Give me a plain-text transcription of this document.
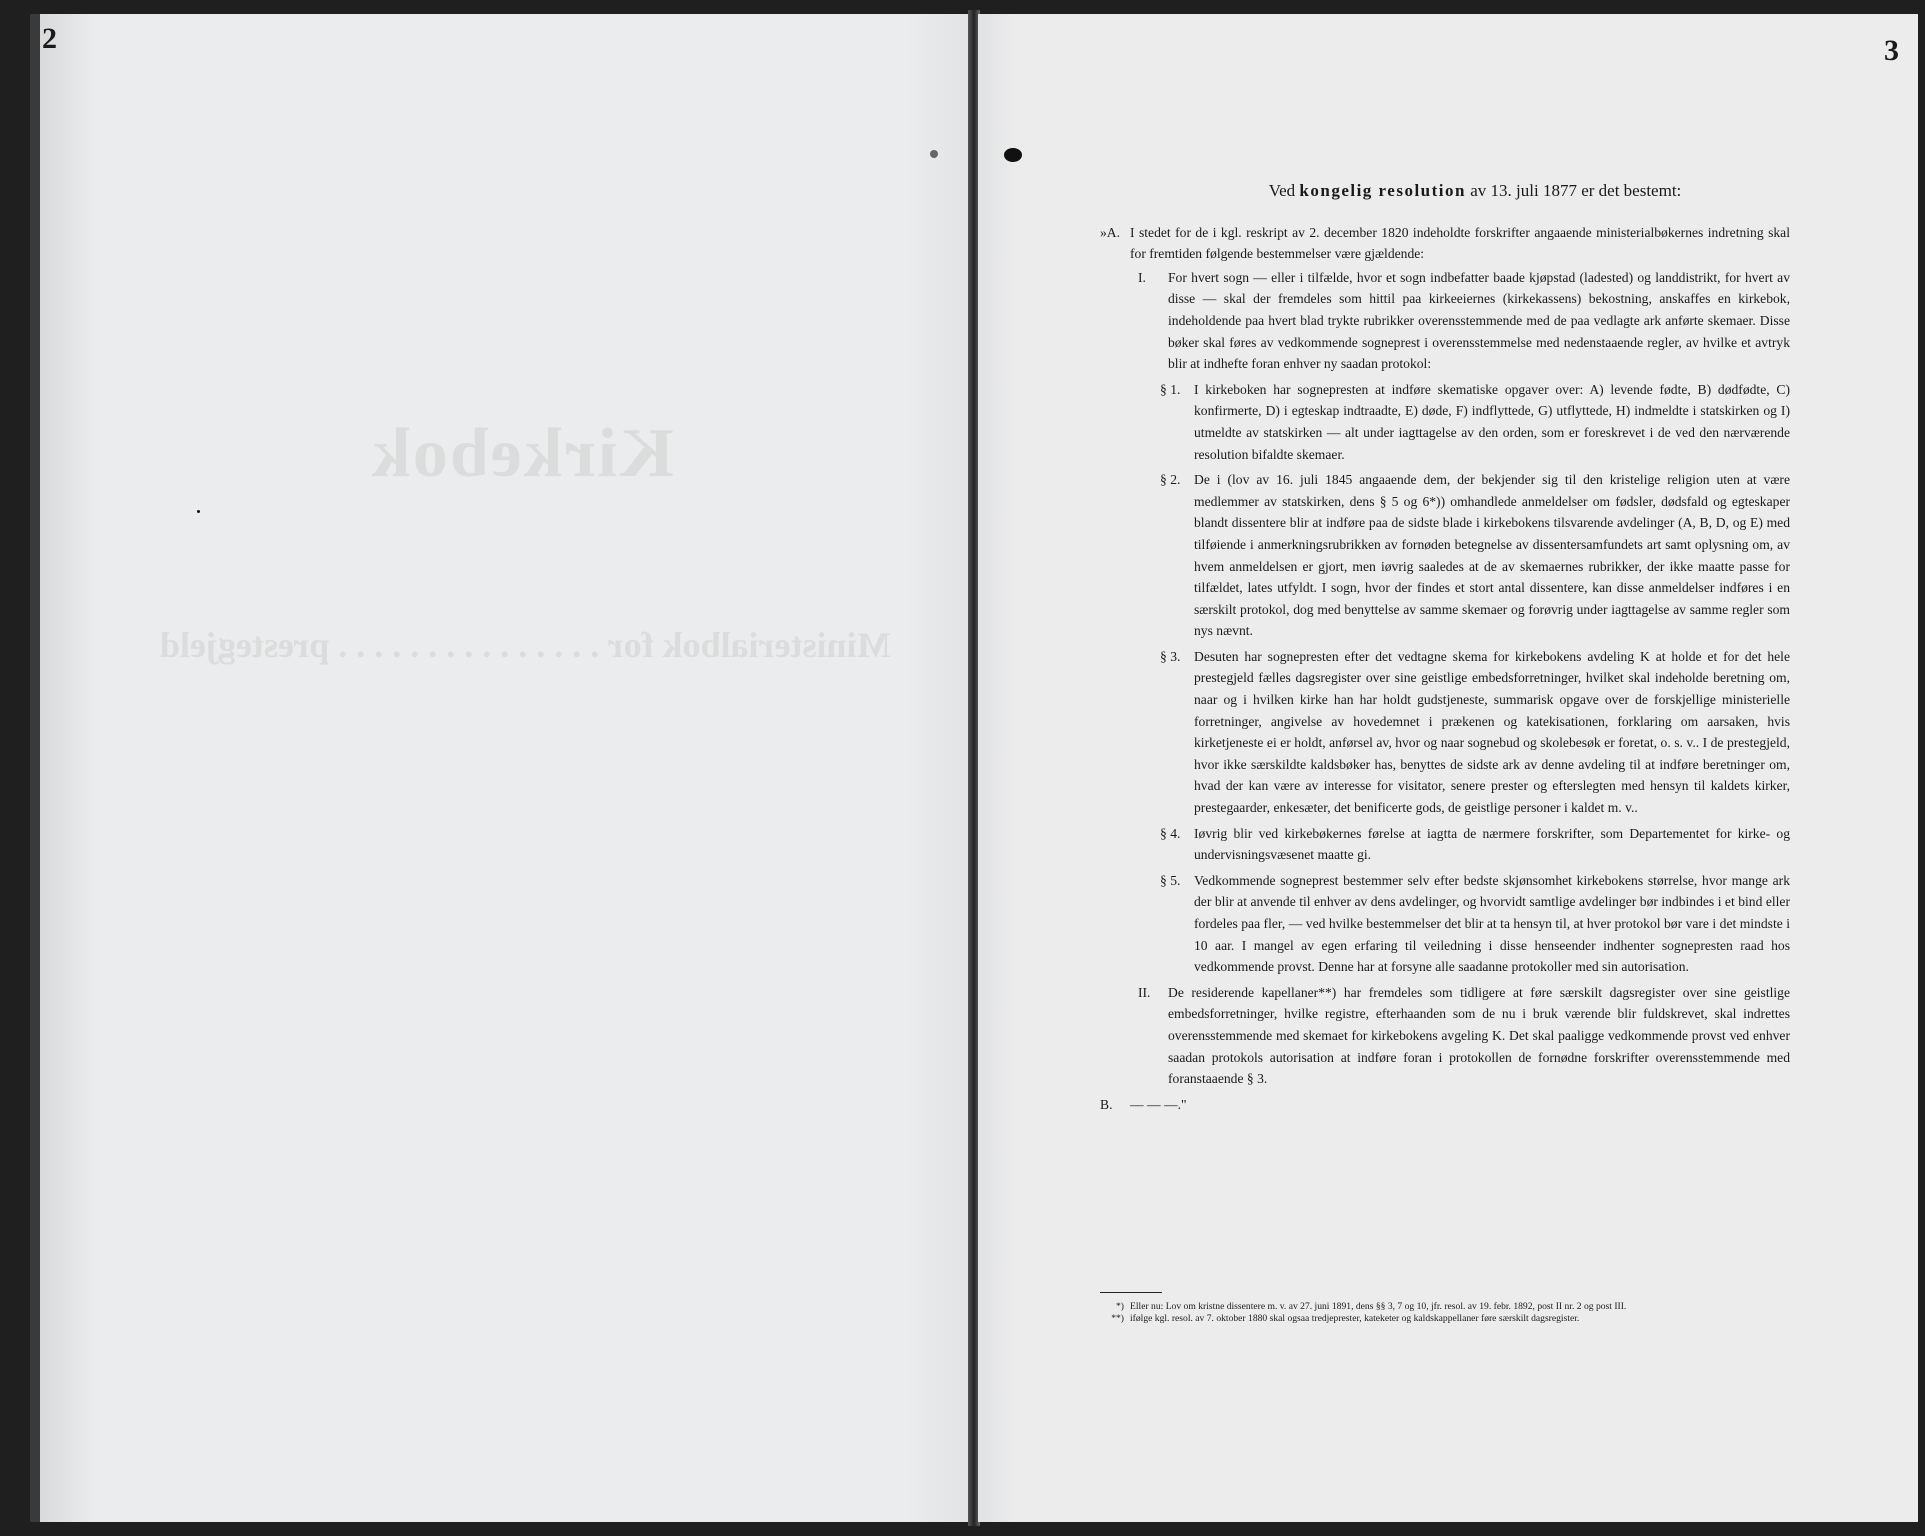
Kirkebok
Ministerialbok for . . . . . . . . . . . . . . . prestegjeld
2	3
Ved kongelig resolution av 13. juli 1877 er det bestemt:
»A. I stedet for de i kgl. reskript av 2. december 1820 indeholdte forskrifter angaaende ministerialbøkernes indretning skal for fremtiden følgende bestemmelser være gjældende:
I.	For hvert sogn — eller i tilfælde, hvor et sogn indbefatter baade kjøpstad (ladested) og landdistrikt, for hvert av disse — skal der fremdeles som hittil paa kirkeeiernes (kirkekassens) bekostning, anskaffes en kirkebok, indeholdende paa hvert blad trykte rubrikker overensstemmende med de paa vedlagte ark anførte skemaer. Disse bøker skal føres av vedkommende sogneprest i overensstemmelse med nedenstaaende regler, av hvilke et avtryk blir at indhefte foran enhver ny saadan protokol:
§ 1.	I kirkeboken har sognepresten at indføre skematiske opgaver over: A) levende fødte, B) dødfødte, C) konfirmerte, D) i egteskap indtraadte, E) døde, F) indflyttede, G) utflyttede, H) indmeldte i statskirken og I) utmeldte av statskirken — alt under iagttagelse av den orden, som er foreskrevet i de ved den nærværende resolution bifaldte skemaer.
§ 2.	De i (lov av 16. juli 1845 angaaende dem, der bekjender sig til den kristelige religion uten at være medlemmer av statskirken, dens § 5 og 6*)) omhandlede anmeldelser om fødsler, dødsfald og egteskaper blandt dissentere blir at indføre paa de sidste blade i kirkebokens tilsvarende avdelinger (A, B, D, og E) med tilføiende i anmerkningsrubrikken av fornøden betegnelse av dissentersamfundets art samt oplysning om, av hvem anmeldelsen er gjort, men iøvrig saaledes at de av skemaernes rubrikker, der ikke maatte passe for tilfældet, lates utfyldt. I sogn, hvor der findes et stort antal dissentere, kan disse anmeldelser indføres i en særskilt protokol, dog med benyttelse av samme skemaer og forøvrig under iagttagelse av samme regler som nys nævnt.
§ 3.	Desuten har sognepresten efter det vedtagne skema for kirkebokens avdeling K at holde et for det hele prestegjeld fælles dagsregister over sine geistlige embedsforretninger, hvilket skal indeholde beretning om, naar og i hvilken kirke han har holdt gudstjeneste, summarisk opgave over de forskjellige ministerielle forretninger, angivelse av hovedemnet i prækenen og katekisationen, forklaring om aarsaken, hvis kirketjeneste ei er holdt, anførsel av, hvor og naar sognebud og skolebesøk er foretat, o. s. v.. I de prestegjeld, hvor ikke særskildte kaldsbøker has, benyttes de sidste ark av denne avdeling til at indføre beretninger om, hvad der kan være av interesse for visitator, senere prester og efterslegten med hensyn til kaldets kirker, prestegaarder, enkesæter, det benificerte gods, de geistlige personer i kaldet m. v..
§ 4.	Iøvrig blir ved kirkebøkernes førelse at iagtta de nærmere forskrifter, som Departementet for kirke- og undervisningsvæsenet maatte gi.
§ 5.	Vedkommende sogneprest bestemmer selv efter bedste skjønsomhet kirkebokens størrelse, hvor mange ark der blir at anvende til enhver av dens avdelinger, og hvorvidt samtlige avdelinger bør indbindes i et bind eller fordeles paa fler, — ved hvilke bestemmelser det blir at ta hensyn til, at hver protokol bør vare i det mindste i 10 aar. I mangel av egen erfaring til veiledning i disse henseender indhenter sognepresten raad hos vedkommende provst. Denne har at forsyne alle saadanne protokoller med sin autorisation.
II.	De residerende kapellaner**) har fremdeles som tidligere at føre særskilt dagsregister over sine geistlige embedsforretninger, hvilke registre, efterhaanden som de nu i bruk værende blir fuldskrevet, skal indrettes overensstemmende med skemaet for kirkebokens avgeling K. Det skal paaligge vedkommende provst ved enhver saadan protokols autorisation at indføre foran i protokollen de fornødne forskrifter overensstemmende med foranstaaende § 3.
B.	— — —."
*) Eller nu: Lov om kristne dissentere m. v. av 27. juni 1891, dens §§ 3, 7 og 10, jfr. resol. av 19. febr. 1892, post II nr. 2 og post III.
**) ifølge kgl. resol. av 7. oktober 1880 skal ogsaa tredjeprester, kateketer og kaldskappellaner føre særskilt dagsregister.
